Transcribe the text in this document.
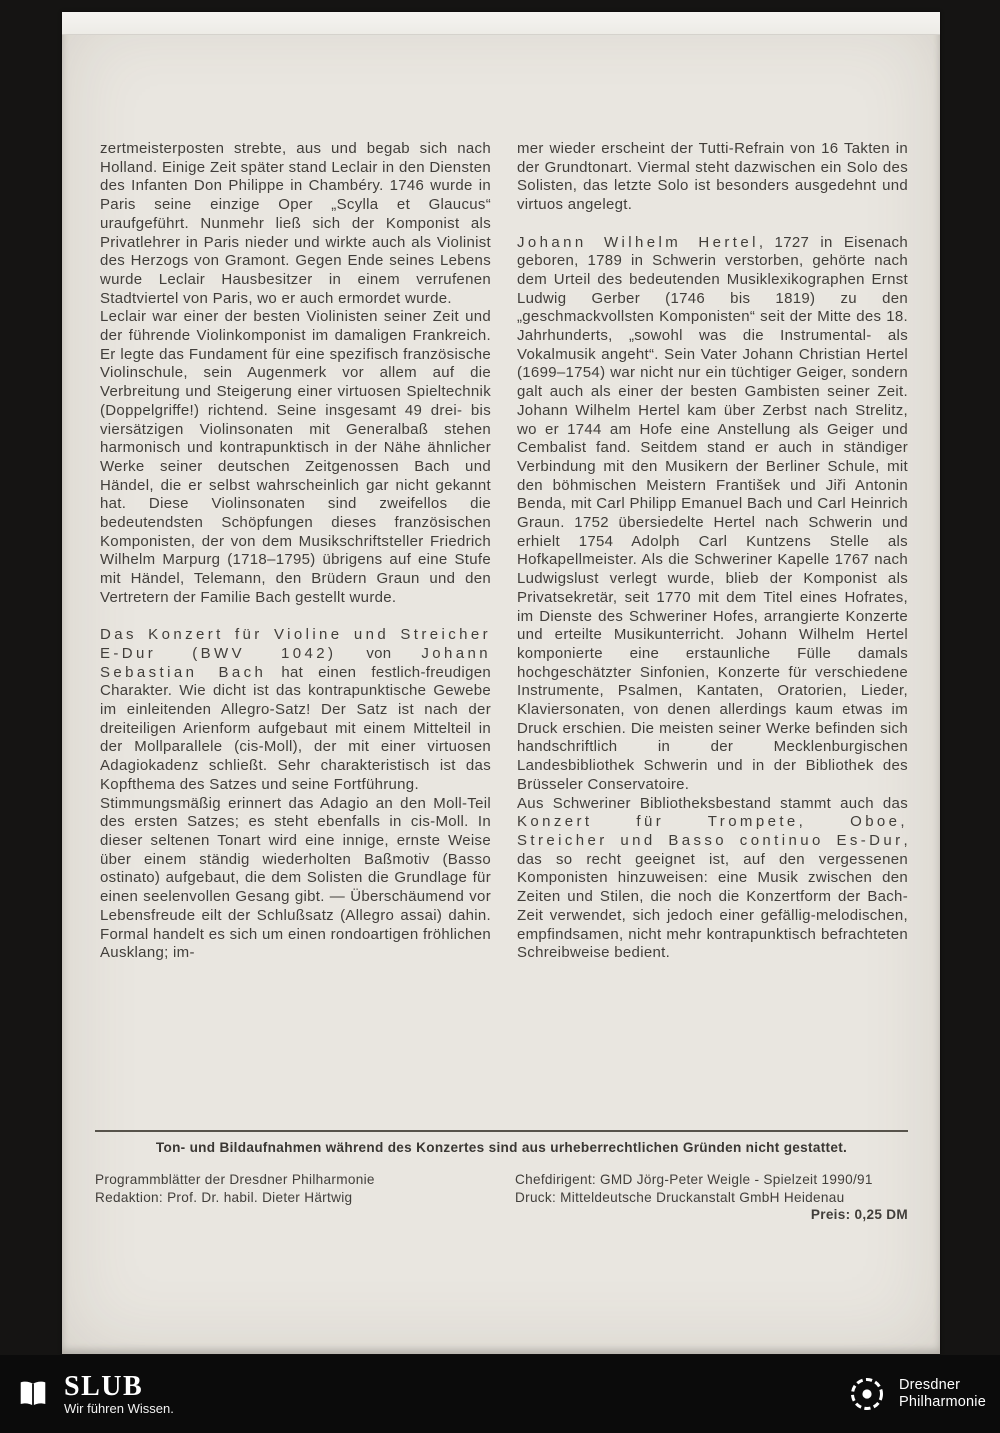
zertmeisterposten strebte, aus und begab sich nach Holland. Einige Zeit später stand Leclair in den Diensten des Infanten Don Philippe in Chambéry. 1746 wurde in Paris seine einzige Oper „Scylla et Glaucus“ uraufgeführt. Nunmehr ließ sich der Komponist als Privatlehrer in Paris nieder und wirkte auch als Violinist des Herzogs von Gramont. Gegen Ende seines Lebens wurde Leclair Hausbesitzer in einem verrufenen Stadtviertel von Paris, wo er auch ermordet wurde.

Leclair war einer der besten Violinisten seiner Zeit und der führende Violinkomponist im damaligen Frankreich. Er legte das Fundament für eine spezifisch französische Violinschule, sein Augenmerk vor allem auf die Verbreitung und Steigerung einer virtuosen Spieltechnik (Doppelgriffe!) richtend. Seine insgesamt 49 drei- bis viersätzigen Violinsonaten mit Generalbaß stehen harmonisch und kontrapunktisch in der Nähe ähnlicher Werke seiner deutschen Zeitgenossen Bach und Händel, die er selbst wahrscheinlich gar nicht gekannt hat. Diese Violinsonaten sind zweifellos die bedeutendsten Schöpfungen dieses französischen Komponisten, der von dem Musikschriftsteller Friedrich Wilhelm Marpurg (1718–1795) übrigens auf eine Stufe mit Händel, Telemann, den Brüdern Graun und den Vertretern der Familie Bach gestellt wurde.

Das Konzert für Violine und Streicher E-Dur (BWV 1042) von Johann Sebastian Bach hat einen festlich-freudigen Charakter. Wie dicht ist das kontrapunktische Gewebe im einleitenden Allegro-Satz! Der Satz ist nach der dreiteiligen Arienform aufgebaut mit einem Mittelteil in der Mollparallele (cis-Moll), der mit einer virtuosen Adagiokadenz schließt. Sehr charakteristisch ist das Kopfthema des Satzes und seine Fortführung.

Stimmungsmäßig erinnert das Adagio an den Moll-Teil des ersten Satzes; es steht ebenfalls in cis-Moll. In dieser seltenen Tonart wird eine innige, ernste Weise über einem ständig wiederholten Baßmotiv (Basso ostinato) aufgebaut, die dem Solisten die Grundlage für einen seelenvollen Gesang gibt. — Überschäumend vor Lebensfreude eilt der Schlußsatz (Allegro assai) dahin. Formal handelt es sich um einen rondoartigen fröhlichen Ausklang; im-

mer wieder erscheint der Tutti-Refrain von 16 Takten in der Grundtonart. Viermal steht dazwischen ein Solo des Solisten, das letzte Solo ist besonders ausgedehnt und virtuos angelegt.

Johann Wilhelm Hertel, 1727 in Eisenach geboren, 1789 in Schwerin verstorben, gehörte nach dem Urteil des bedeutenden Musiklexikographen Ernst Ludwig Gerber (1746 bis 1819) zu den „geschmackvollsten Komponisten“ seit der Mitte des 18. Jahrhunderts, „sowohl was die Instrumental- als Vokalmusik angeht“. Sein Vater Johann Christian Hertel (1699–1754) war nicht nur ein tüchtiger Geiger, sondern galt auch als einer der besten Gambisten seiner Zeit. Johann Wilhelm Hertel kam über Zerbst nach Strelitz, wo er 1744 am Hofe eine Anstellung als Geiger und Cembalist fand. Seitdem stand er auch in ständiger Verbindung mit den Musikern der Berliner Schule, mit den böhmischen Meistern František und Jiři Antonin Benda, mit Carl Philipp Emanuel Bach und Carl Heinrich Graun. 1752 übersiedelte Hertel nach Schwerin und erhielt 1754 Adolph Carl Kuntzens Stelle als Hofkapellmeister. Als die Schweriner Kapelle 1767 nach Ludwigslust verlegt wurde, blieb der Komponist als Privatsekretär, seit 1770 mit dem Titel eines Hofrates, im Dienste des Schweriner Hofes, arrangierte Konzerte und erteilte Musikunterricht. Johann Wilhelm Hertel komponierte eine erstaunliche Fülle damals hochgeschätzter Sinfonien, Konzerte für verschiedene Instrumente, Psalmen, Kantaten, Oratorien, Lieder, Klaviersonaten, von denen allerdings kaum etwas im Druck erschien. Die meisten seiner Werke befinden sich handschriftlich in der Mecklenburgischen Landesbibliothek Schwerin und in der Bibliothek des Brüsseler Conservatoire.

Aus Schweriner Bibliotheksbestand stammt auch das Konzert für Trompete, Oboe, Streicher und Basso continuo Es-Dur, das so recht geeignet ist, auf den vergessenen Komponisten hinzuweisen: eine Musik zwischen den Zeiten und Stilen, die noch die Konzertform der Bach-Zeit verwendet, sich jedoch einer gefällig-melodischen, empfindsamen, nicht mehr kontrapunktisch befrachteten Schreibweise bedient.

Ton- und Bildaufnahmen während des Konzertes sind aus urheberrechtlichen Gründen nicht gestattet.
Programmblätter der Dresdner Philharmonie
Redaktion: Prof. Dr. habil. Dieter Härtwig
Chefdirigent: GMD Jörg-Peter Weigle - Spielzeit 1990/91
Druck: Mitteldeutsche Druckanstalt GmbH Heidenau
Preis: 0,25 DM
SLUB
Wir führen Wissen.
Dresdner
Philharmonie
